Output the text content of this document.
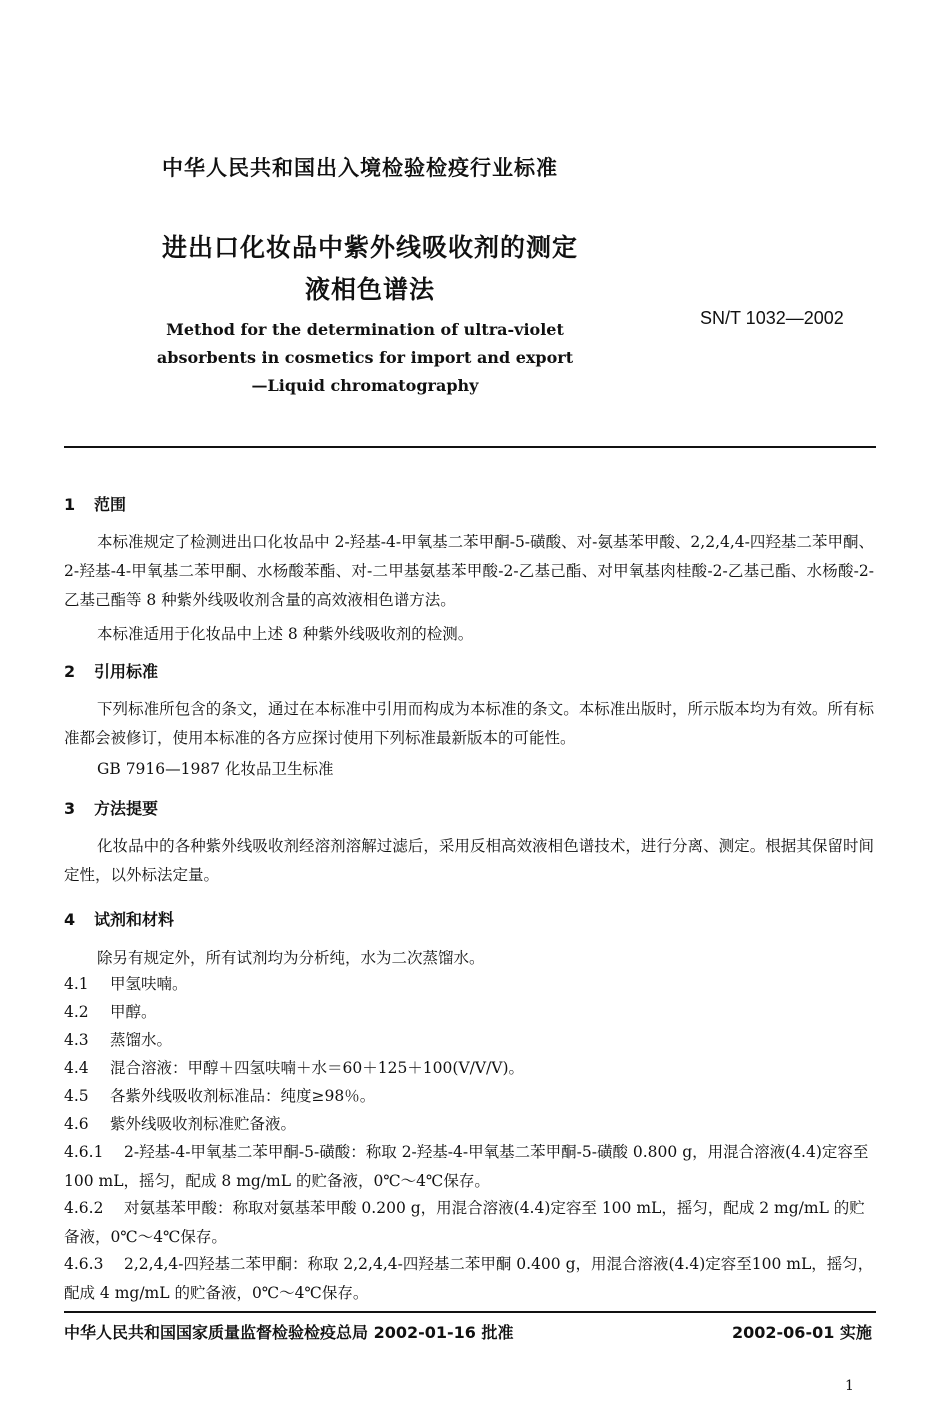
中华人民共和国出入境检验检疫行业标准
进出口化妆品中紫外线吸收剂的测定
液相色谱法
SN/T 1032—2002
Method for the determination of ultra-violet
absorbents in cosmetics for import and export
—Liquid chromatography
1 范围
本标准规定了检测进出口化妆品中 2-羟基-4-甲氧基二苯甲酮-5-磺酸、对-氨基苯甲酸、2,2,4,4-四羟基二苯甲酮、2-羟基-4-甲氧基二苯甲酮、水杨酸苯酯、对-二甲基氨基苯甲酸-2-乙基己酯、对甲氧基肉桂酸-2-乙基己酯、水杨酸-2-乙基己酯等 8 种紫外线吸收剂含量的高效液相色谱方法。
本标准适用于化妆品中上述 8 种紫外线吸收剂的检测。
2 引用标准
下列标准所包含的条文，通过在本标准中引用而构成为本标准的条文。本标准出版时，所示版本均为有效。所有标准都会被修订，使用本标准的各方应探讨使用下列标准最新版本的可能性。
GB 7916—1987 化妆品卫生标准
3 方法提要
化妆品中的各种紫外线吸收剂经溶剂溶解过滤后，采用反相高效液相色谱技术，进行分离、测定。根据其保留时间定性，以外标法定量。
4 试剂和材料
除另有规定外，所有试剂均为分析纯，水为二次蒸馏水。
4.1 甲氢呋喃。
4.2 甲醇。
4.3 蒸馏水。
4.4 混合溶液：甲醇＋四氢呋喃＋水＝60＋125＋100(V/V/V)。
4.5 各紫外线吸收剂标准品：纯度≥98％。
4.6 紫外线吸收剂标准贮备液。
4.6.1 2-羟基-4-甲氧基二苯甲酮-5-磺酸：称取 2-羟基-4-甲氧基二苯甲酮-5-磺酸 0.800 g，用混合溶液(4.4)定容至 100 mL，摇匀，配成 8 mg/mL 的贮备液，0℃～4℃保存。
4.6.2 对氨基苯甲酸：称取对氨基苯甲酸 0.200 g，用混合溶液(4.4)定容至 100 mL，摇匀，配成 2 mg/mL 的贮备液，0℃～4℃保存。
4.6.3 2,2,4,4-四羟基二苯甲酮：称取 2,2,4,4-四羟基二苯甲酮 0.400 g，用混合溶液(4.4)定容至100 mL，摇匀，配成 4 mg/mL 的贮备液，0℃～4℃保存。
中华人民共和国国家质量监督检验检疫总局 2002-01-16 批准	2002-06-01 实施
1
